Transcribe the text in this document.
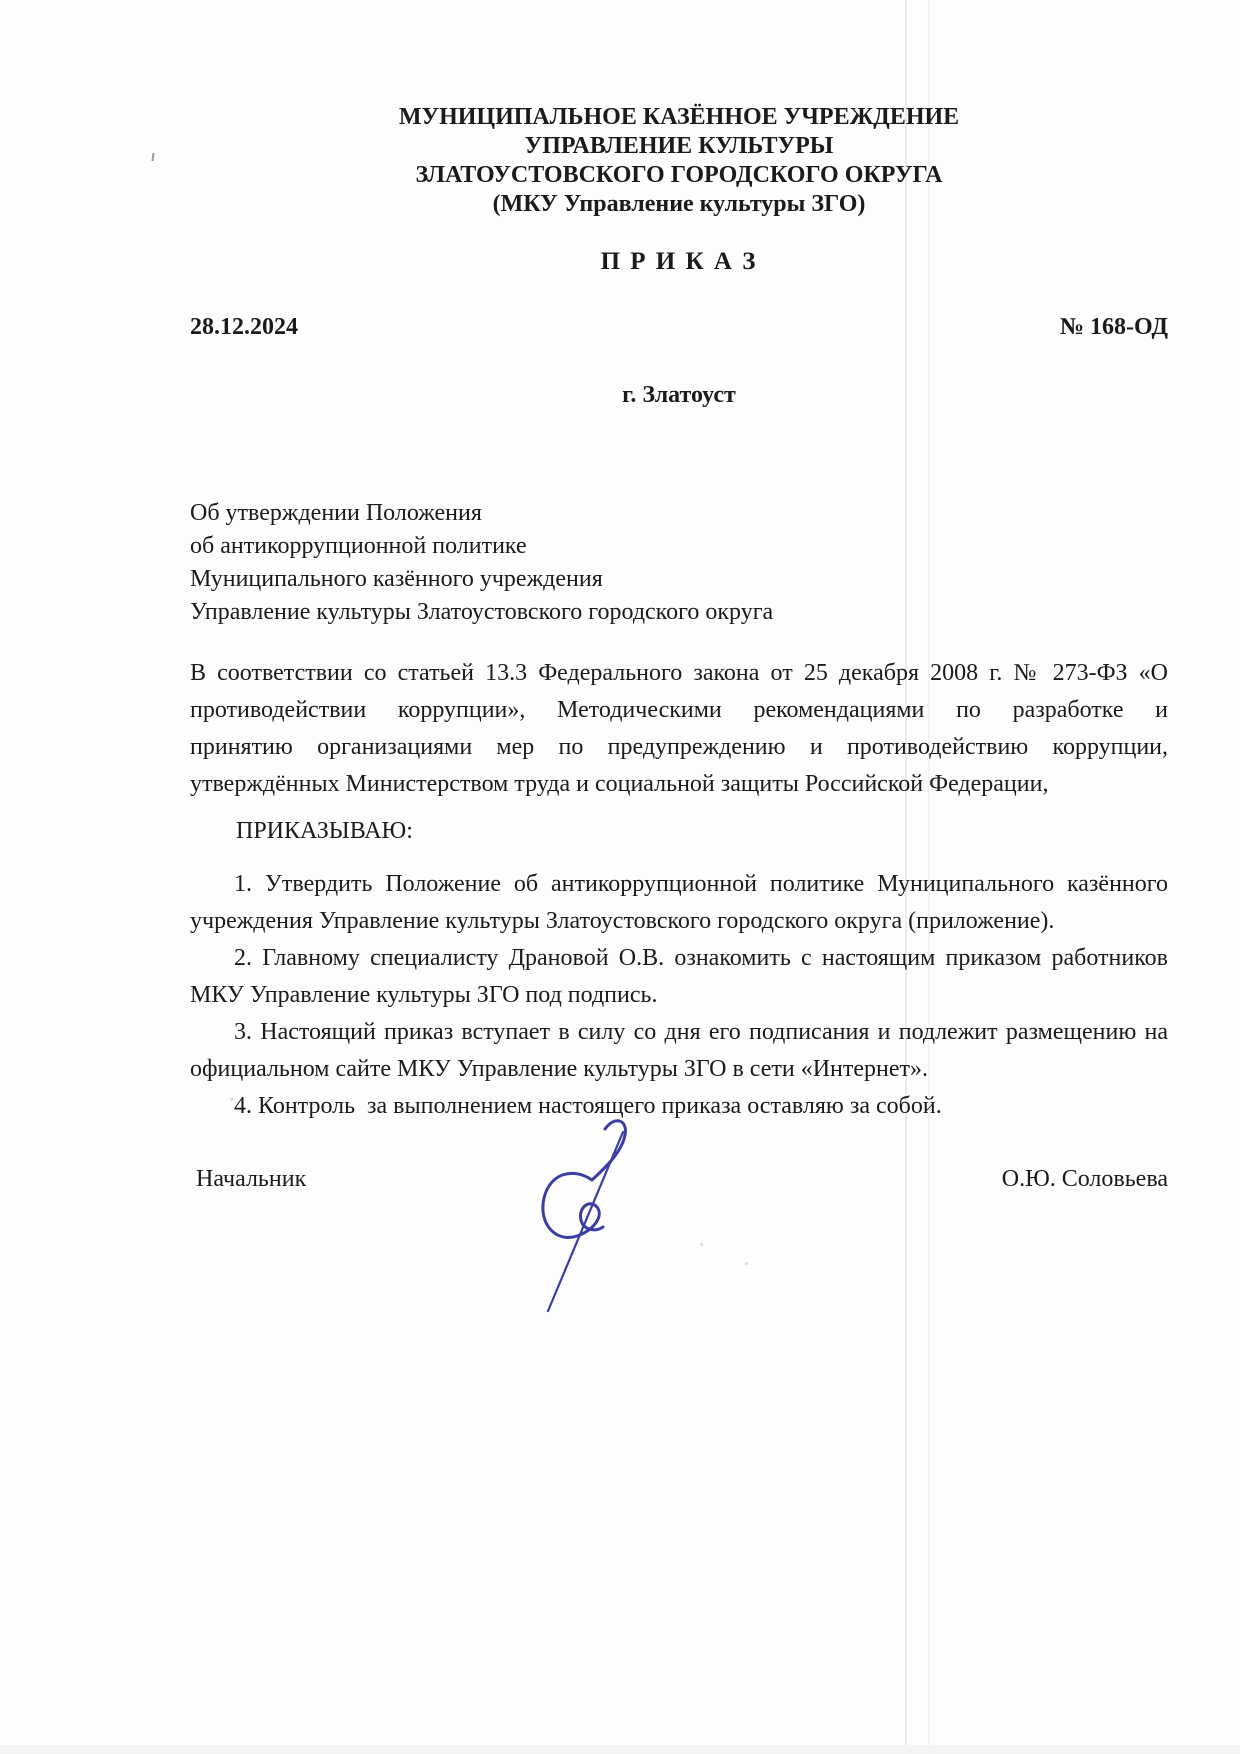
МУНИЦИПАЛЬНОЕ КАЗЁННОЕ УЧРЕЖДЕНИЕ
УПРАВЛЕНИЕ КУЛЬТУРЫ
ЗЛАТОУСТОВСКОГО ГОРОДСКОГО ОКРУГА
(МКУ Управление культуры ЗГО)
П Р И К А З
28.12.2024	№ 168-ОД
г. Златоуст
Об утверждении Положения
об антикоррупционной политике
Муниципального казённого учреждения
Управление культуры Златоустовского городского округа
В соответствии со статьей 13.3 Федерального закона от 25 декабря 2008 г. № 273-ФЗ «О
противодействии коррупции», Методическими рекомендациями по разработке и
принятию организациями мер по предупреждению и противодействию коррупции,
утверждённых Министерством труда и социальной защиты Российской Федерации,
ПРИКАЗЫВАЮ:

1. Утвердить Положение об антикоррупционной политике Муниципального казённого учреждения Управление культуры Златоустовского городского округа (приложение).

2. Главному специалисту Драновой О.В. ознакомить с настоящим приказом работников МКУ Управление культуры ЗГО под подпись.

3. Настоящий приказ вступает в силу со дня его подписания и подлежит размещению на официальном сайте МКУ Управление культуры ЗГО в сети «Интернет».

4. Контроль  за выполнением настоящего приказа оставляю за собой.

Начальник	О.Ю. Соловьева
